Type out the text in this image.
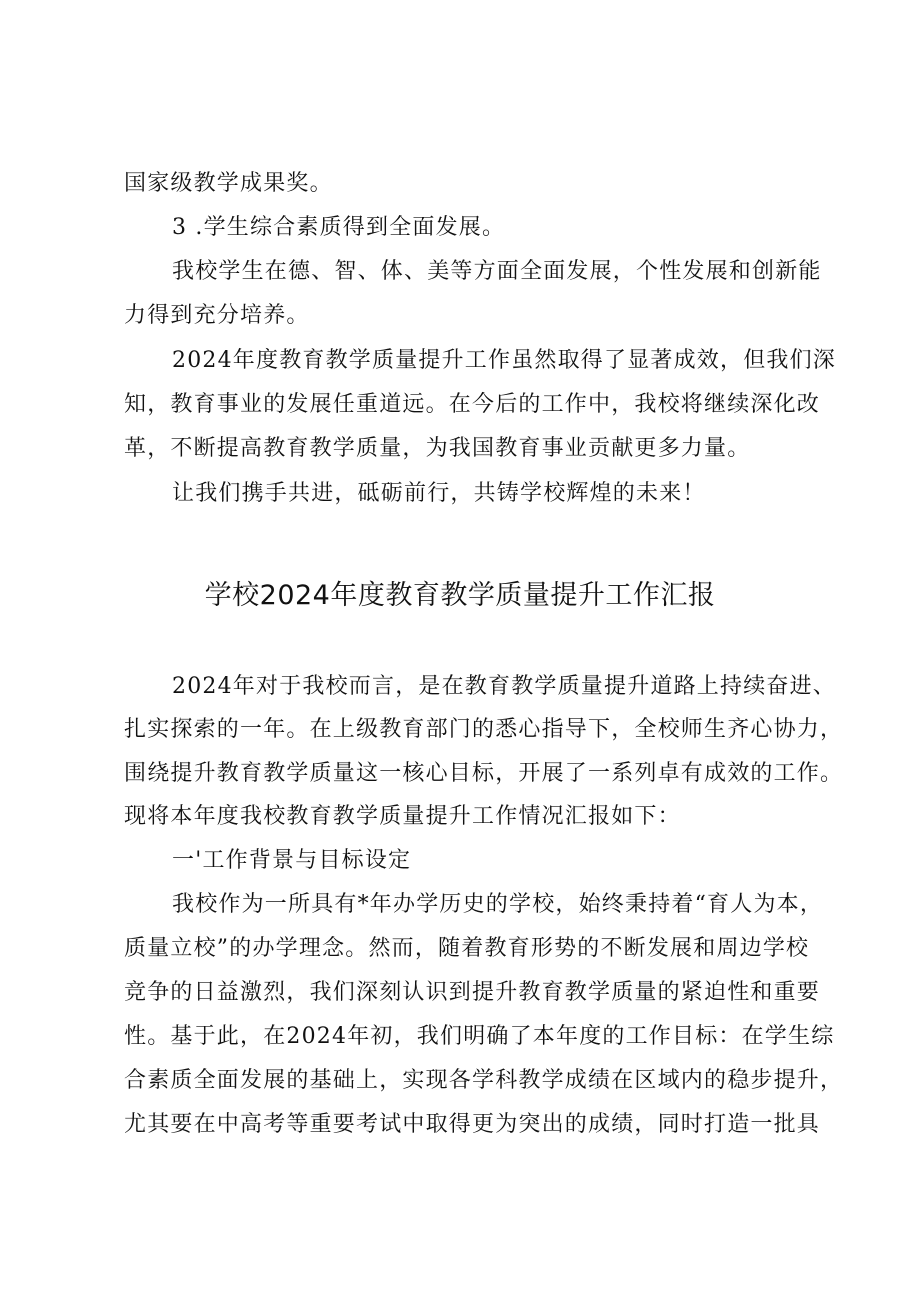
国家级教学成果奖。
3 .学生综合素质得到全面发展。
我校学生在德、智、体、美等方面全面发展，个性发展和创新能
力得到充分培养。
2024年度教育教学质量提升工作虽然取得了显著成效，但我们深
知，教育事业的发展任重道远。在今后的工作中，我校将继续深化改
革，不断提高教育教学质量，为我国教育事业贡献更多力量。
让我们携手共进，砥砺前行，共铸学校辉煌的未来！
学校2024年度教育教学质量提升工作汇报
2024年对于我校而言，是在教育教学质量提升道路上持续奋进、
扎实探索的一年。在上级教育部门的悉心指导下，全校师生齐心协力，
围绕提升教育教学质量这一核心目标，开展了一系列卓有成效的工作。
现将本年度我校教育教学质量提升工作情况汇报如下：
一'工作背景与目标设定
我校作为一所具有*年办学历史的学校，始终秉持着“育人为本，
质量立校”的办学理念。然而，随着教育形势的不断发展和周边学校
竞争的日益激烈，我们深刻认识到提升教育教学质量的紧迫性和重要
性。基于此，在2024年初，我们明确了本年度的工作目标：在学生综
合素质全面发展的基础上，实现各学科教学成绩在区域内的稳步提升，
尤其要在中高考等重要考试中取得更为突出的成绩，同时打造一批具
